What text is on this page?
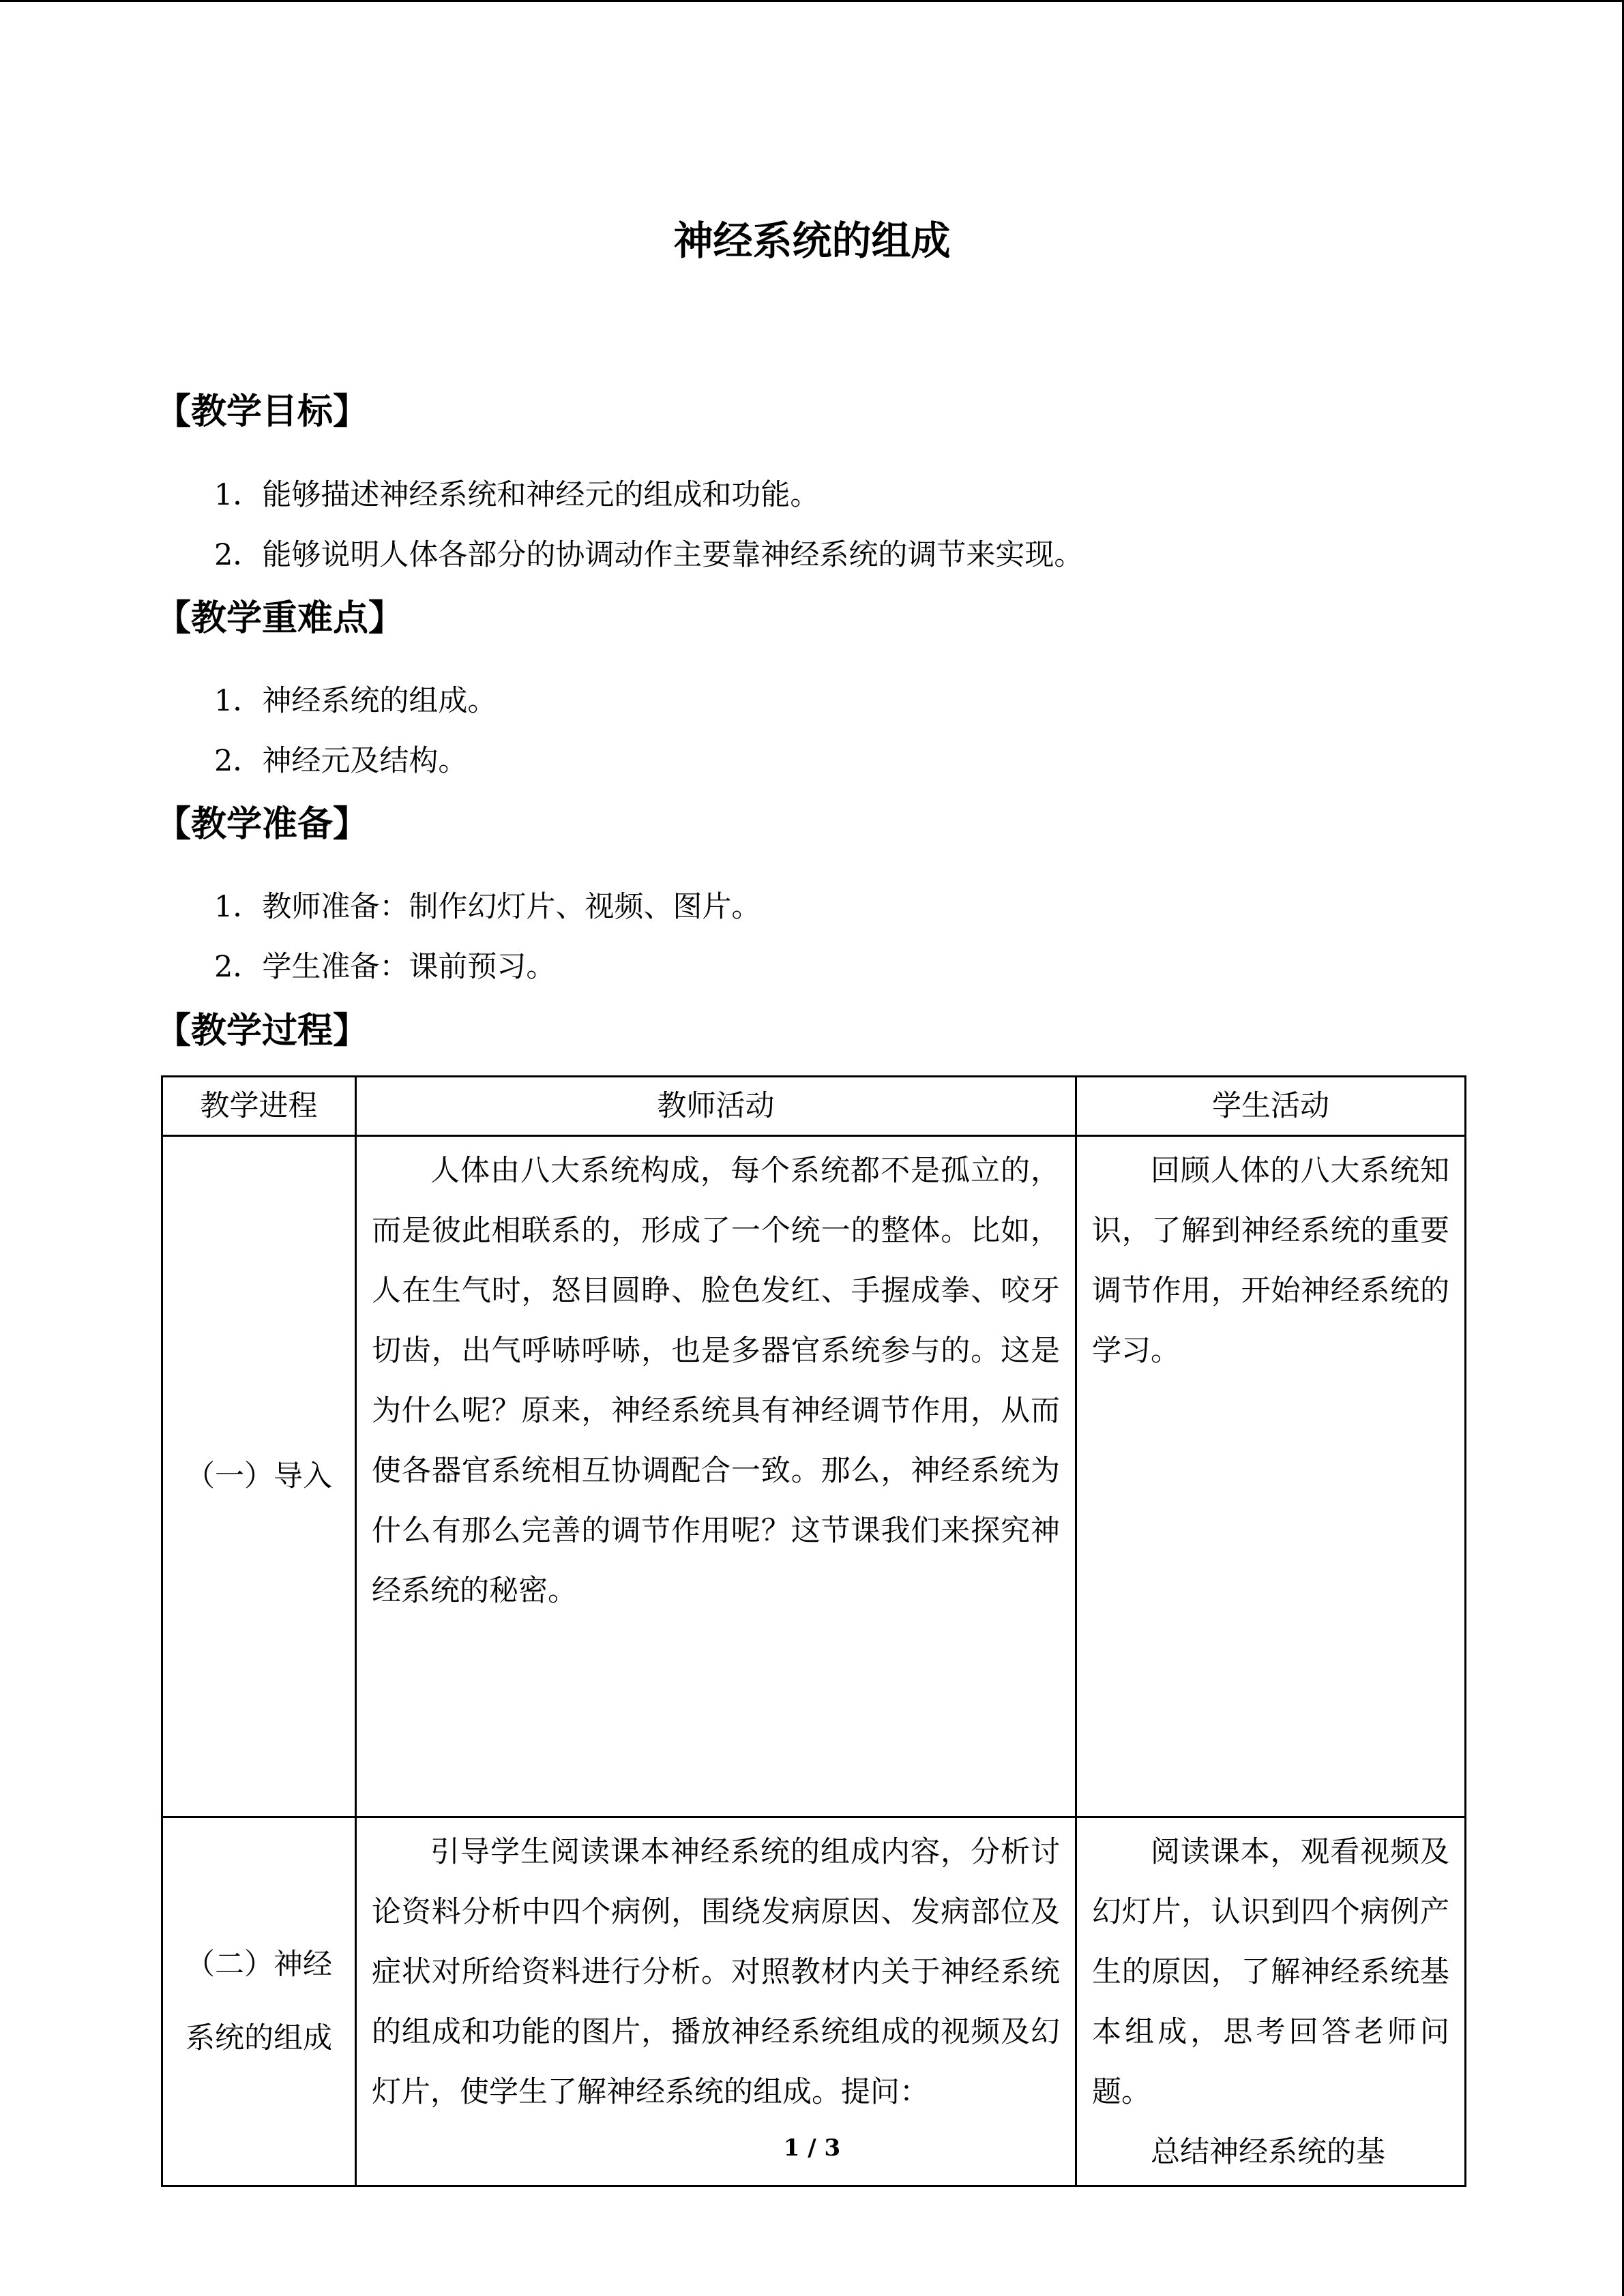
神经系统的组成
【教学目标】

1．能够描述神经系统和神经元的组成和功能。

2．能够说明人体各部分的协调动作主要靠神经系统的调节来实现。

【教学重难点】

1．神经系统的组成。

2．神经元及结构。

【教学准备】

1．教师准备：制作幻灯片、视频、图片。

2．学生准备：课前预习。

【教学过程】
教学进程	教师活动	学生活动
（一）导入	人体由八大系统构成，每个系统都不是孤立的，而是彼此相联系的，形成了一个统一的整体。比如，人在生气时，怒目圆睁、脸色发红、手握成拳、咬牙切齿，出气呼哧呼哧，也是多器官系统参与的。这是为什么呢？原来，神经系统具有神经调节作用，从而使各器官系统相互协调配合一致。那么，神经系统为什么有那么完善的调节作用呢？这节课我们来探究神经系统的秘密。	回顾人体的八大系统知识，了解到神经系统的重要调节作用，开始神经系统的学习。

（二）神经系统的组成	引导学生阅读课本神经系统的组成内容，分析讨论资料分析中四个病例，围绕发病原因、发病部位及症状对所给资料进行分析。对照教材内关于神经系统的组成和功能的图片，播放神经系统组成的视频及幻灯片，使学生了解神经系统的组成。提问：	阅读课本，观看视频及幻灯片，认识到四个病例产生的原因，了解神经系统基本组成，思考回答老师问题。

总结神经系统的基

1 / 3
